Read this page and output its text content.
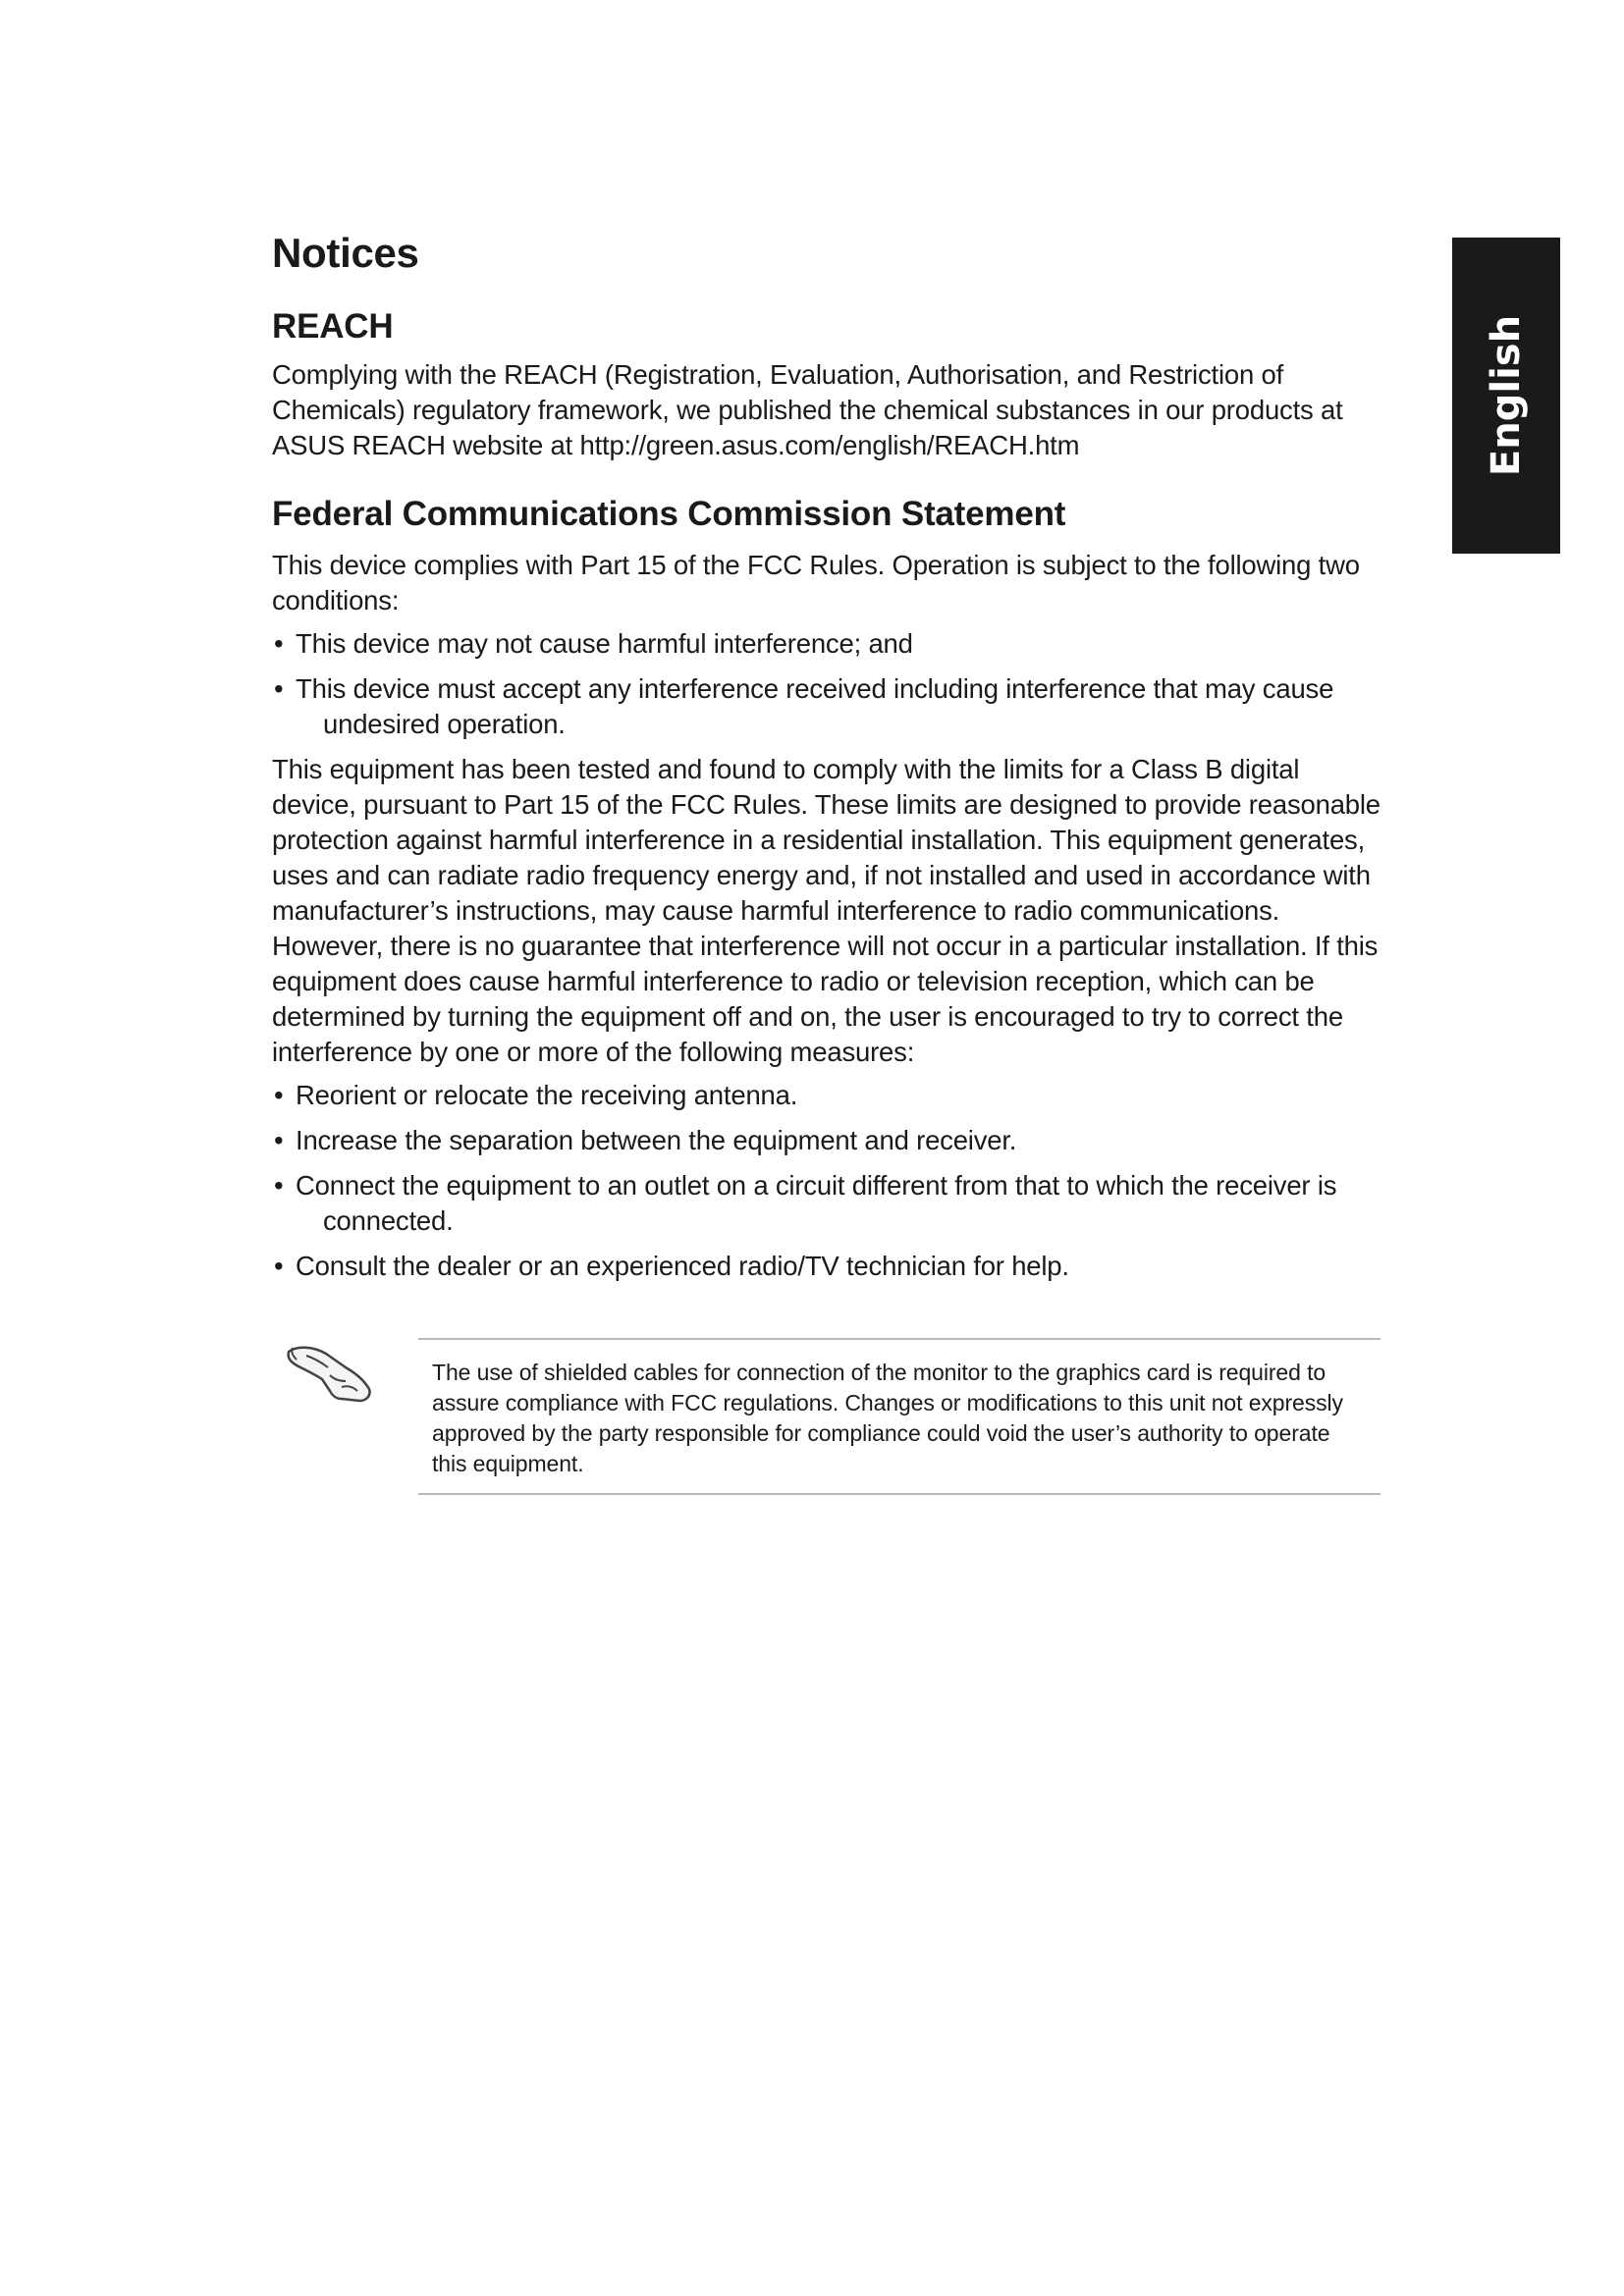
Notices
REACH

Complying with the REACH (Registration, Evaluation, Authorisation, and Restriction of Chemicals) regulatory framework, we published the chemical substances in our products at ASUS REACH website at http://green.asus.com/english/REACH.htm

Federal Communications Commission Statement

This device complies with Part 15 of the FCC Rules. Operation is subject to the following two conditions:

• This device may not cause harmful interference; and
• This device must accept any interference received including interference that may cause
undesired operation.

This equipment has been tested and found to comply with the limits for a Class B digital device, pursuant to Part 15 of the FCC Rules. These limits are designed to provide reasonable protection against harmful interference in a residential installation. This equipment generates, uses and can radiate radio frequency energy and, if not installed and used in accordance with manufacturer’s instructions, may cause harmful interference to radio communications. However, there is no guarantee that interference will not occur in a particular installation. If this equipment does cause harmful interference to radio or television reception, which can be determined by turning the equipment off and on, the user is encouraged to try to correct the interference by one or more of the following measures:

• Reorient or relocate the receiving antenna.
• Increase the separation between the equipment and receiver.
• Connect the equipment to an outlet on a circuit different from that to which the receiver is
connected.
• Consult the dealer or an experienced radio/TV technician for help.

The use of shielded cables for connection of the monitor to the graphics card is required to assure compliance with FCC regulations. Changes or modifications to this unit not expressly approved by the party responsible for compliance could void the user’s authority to operate this equipment.

English
